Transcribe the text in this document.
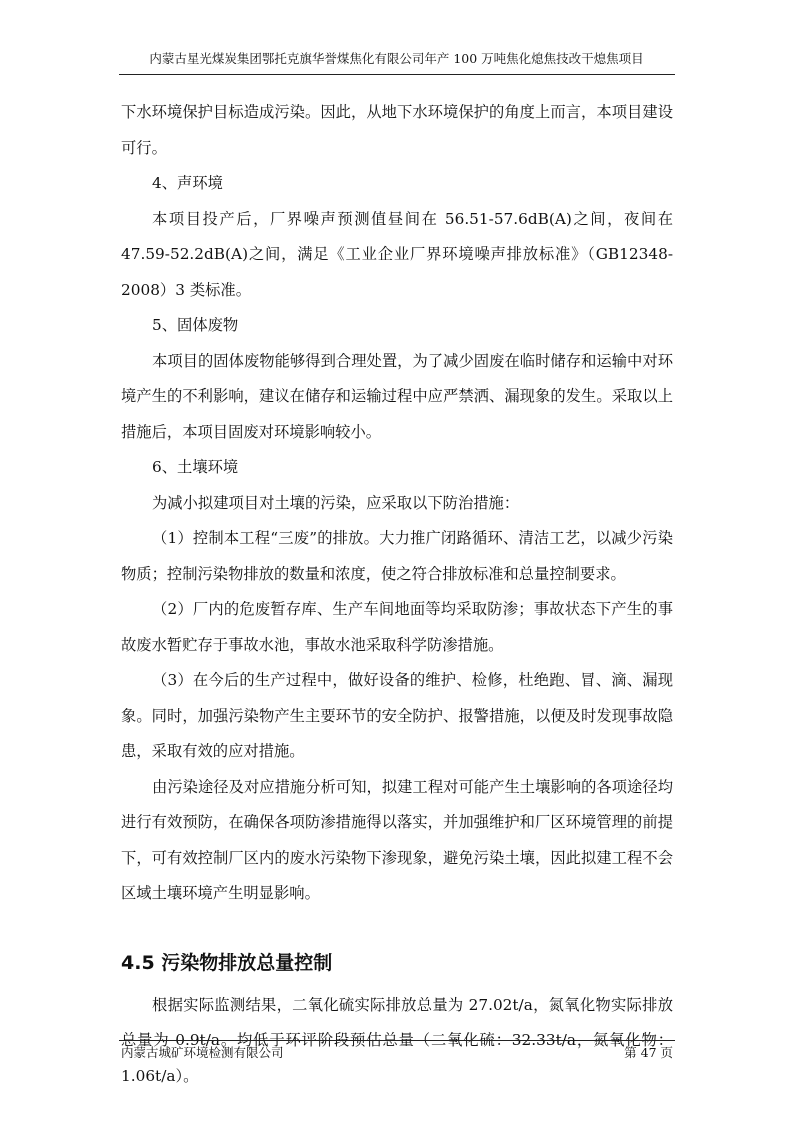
内蒙古星光煤炭集团鄂托克旗华誉煤焦化有限公司年产 100 万吨焦化熄焦技改干熄焦项目

下水环境保护目标造成污染。因此，从地下水环境保护的角度上而言，本项目建设可行。

4、声环境

本项目投产后，厂界噪声预测值昼间在 56.51-57.6dB(A)之间，夜间在 47.59-52.2dB(A)之间，满足《工业企业厂界环境噪声排放标准》（GB12348-2008）3 类标准。

5、固体废物

本项目的固体废物能够得到合理处置，为了减少固废在临时储存和运输中对环境产生的不利影响，建议在储存和运输过程中应严禁洒、漏现象的发生。采取以上措施后，本项目固废对环境影响较小。

6、土壤环境

为减小拟建项目对土壤的污染，应采取以下防治措施：

（1）控制本工程“三废”的排放。大力推广闭路循环、清洁工艺，以减少污染物质；控制污染物排放的数量和浓度，使之符合排放标准和总量控制要求。

（2）厂内的危废暂存库、生产车间地面等均采取防渗；事故状态下产生的事故废水暂贮存于事故水池，事故水池采取科学防渗措施。

（3）在今后的生产过程中，做好设备的维护、检修，杜绝跑、冒、滴、漏现象。同时，加强污染物产生主要环节的安全防护、报警措施，以便及时发现事故隐患，采取有效的应对措施。

由污染途径及对应措施分析可知，拟建工程对可能产生土壤影响的各项途径均进行有效预防，在确保各项防渗措施得以落实，并加强维护和厂区环境管理的前提下，可有效控制厂区内的废水污染物下渗现象，避免污染土壤，因此拟建工程不会区域土壤环境产生明显影响。

4.5 污染物排放总量控制

根据实际监测结果，二氧化硫实际排放总量为 27.02t/a，氮氧化物实际排放总量为 0.9t/a。均低于环评阶段预估总量（二氧化硫：32.33t/a，氮氧化物：1.06t/a）。

内蒙古城矿环境检测有限公司	第 47 页
